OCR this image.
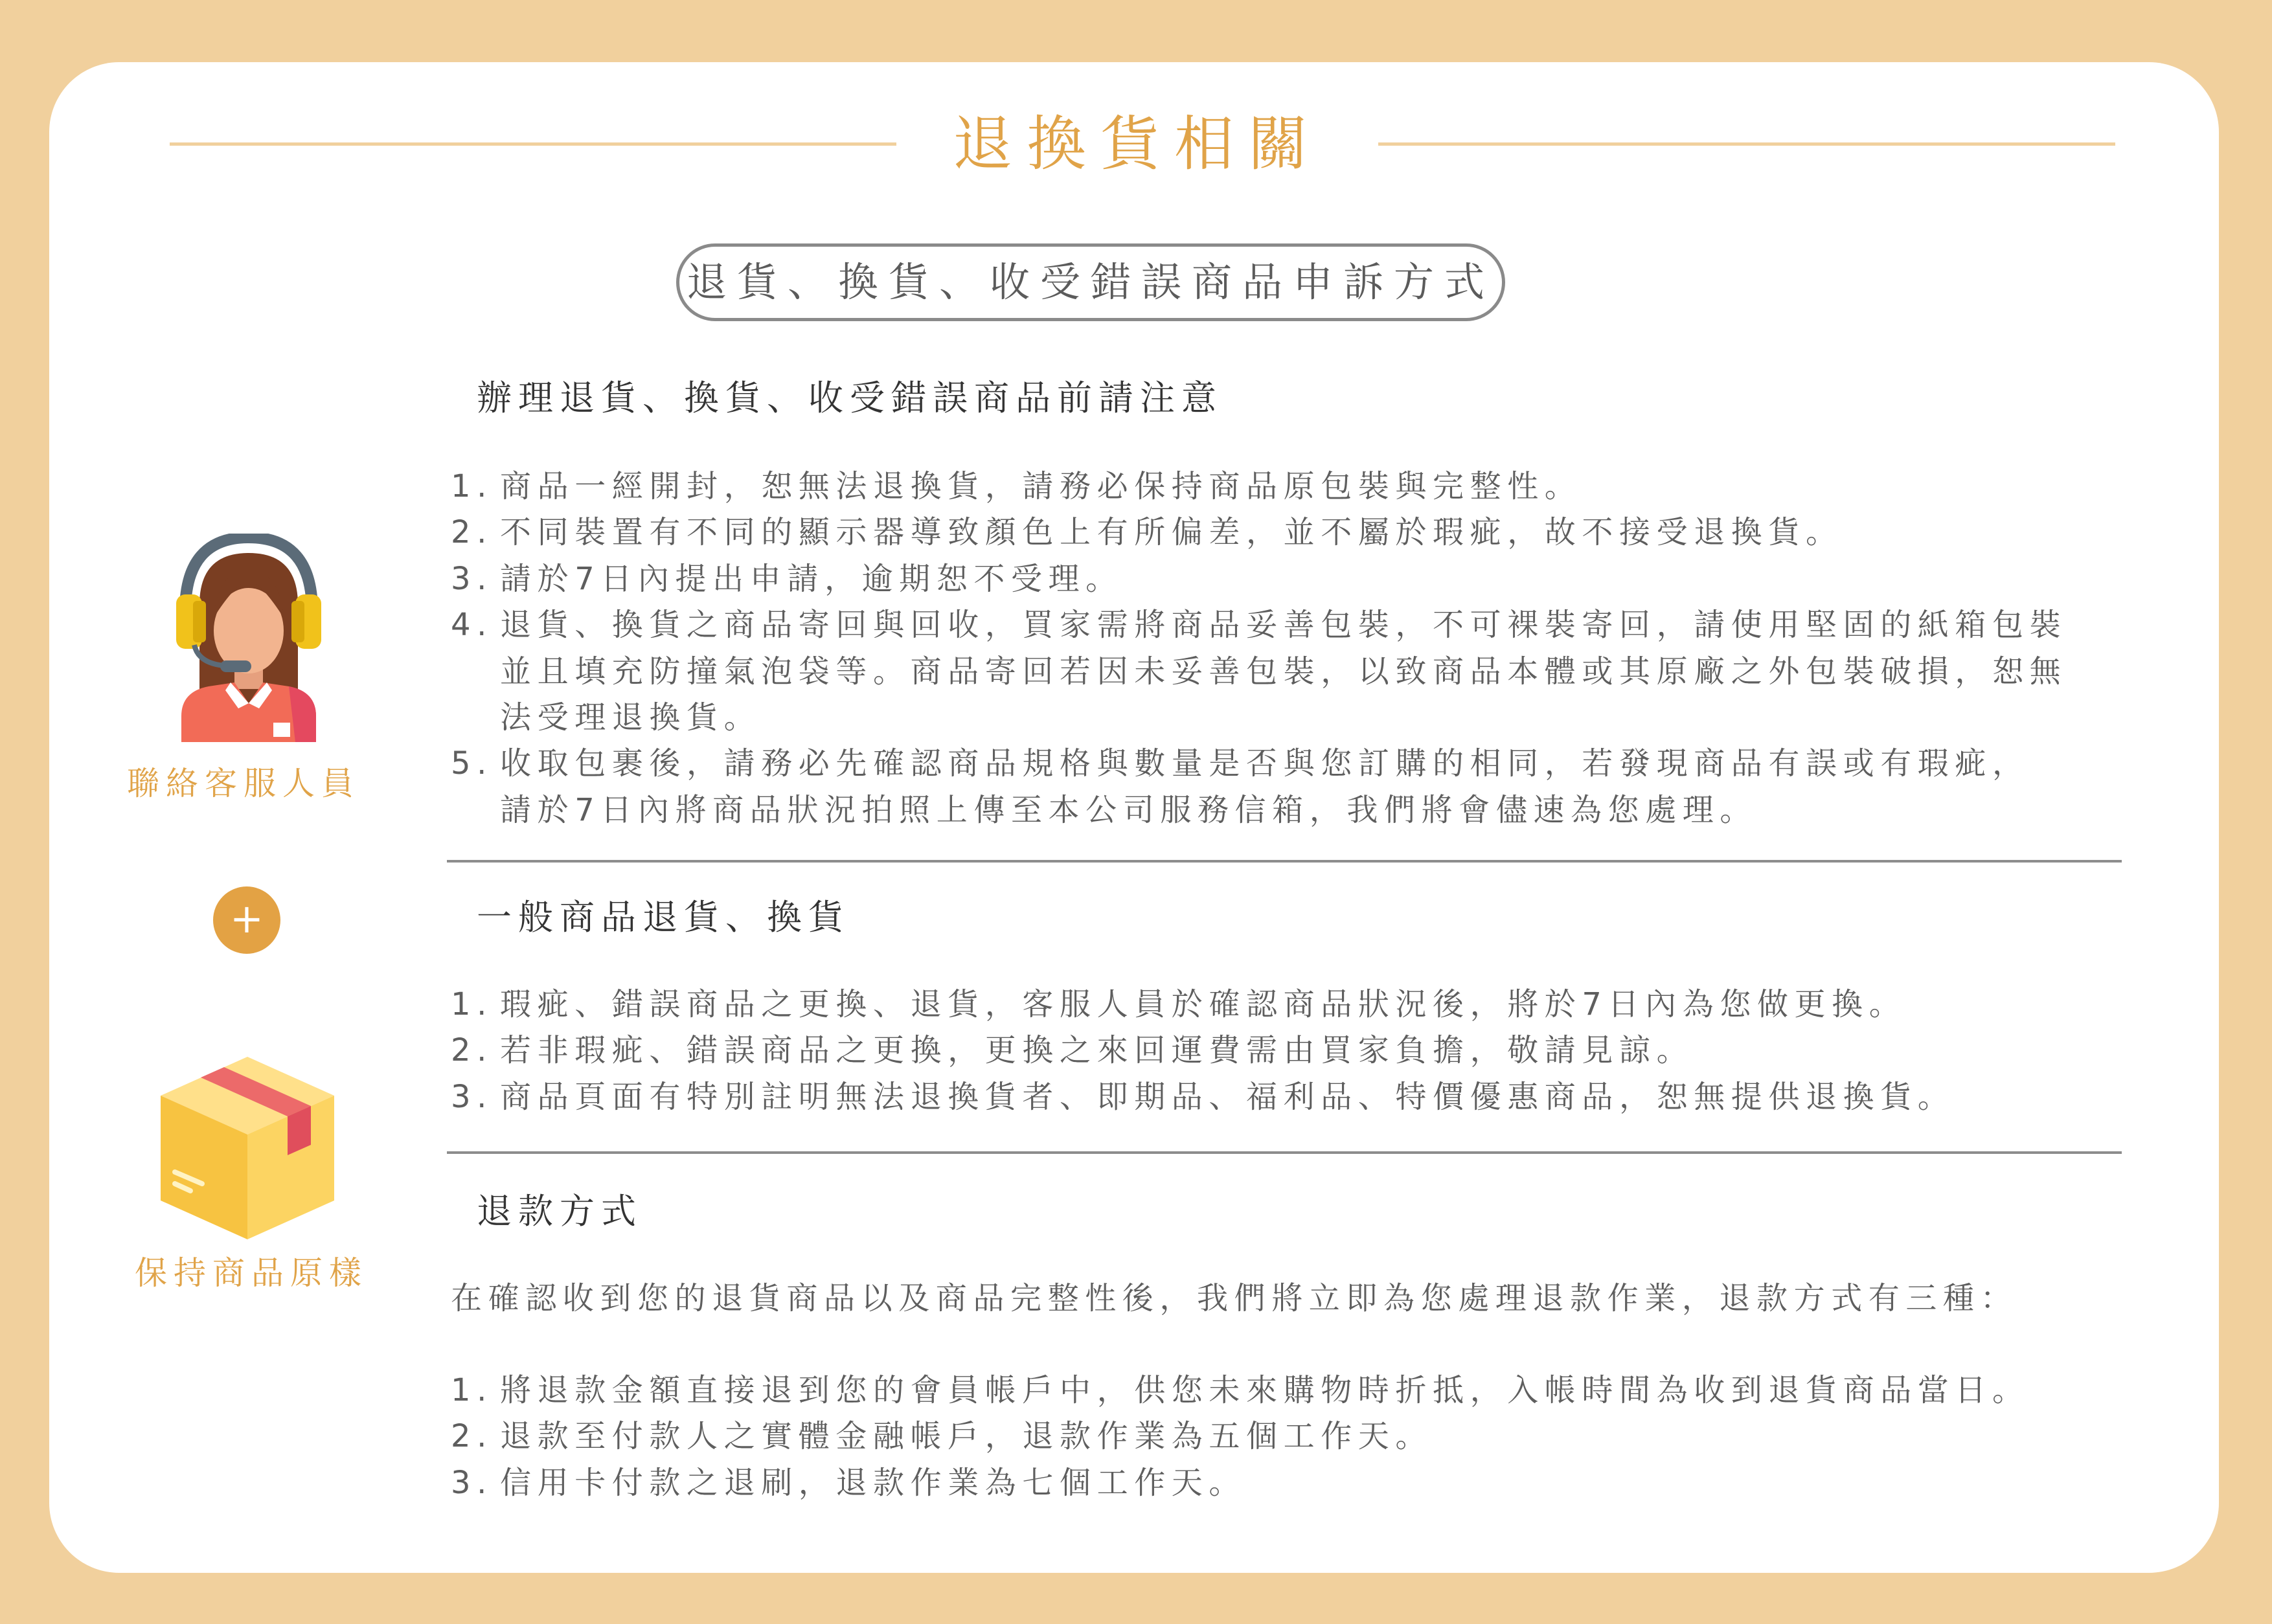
退換貨相關
退貨、換貨、收受錯誤商品申訴方式
聯絡客服人員
+
保持商品原樣
辦理退貨、換貨、收受錯誤商品前請注意
1. 商品一經開封，恕無法退換貨，請務必保持商品原包裝與完整性。
2. 不同裝置有不同的顯示器導致顏色上有所偏差，並不屬於瑕疵，故不接受退換貨。
3. 請於7日內提出申請，逾期恕不受理。
4. 退貨、換貨之商品寄回與回收，買家需將商品妥善包裝，不可裸裝寄回，請使用堅固的紙箱包裝
並且填充防撞氣泡袋等。商品寄回若因未妥善包裝，以致商品本體或其原廠之外包裝破損，恕無
法受理退換貨。
5. 收取包裹後，請務必先確認商品規格與數量是否與您訂購的相同，若發現商品有誤或有瑕疵，
請於7日內將商品狀況拍照上傳至本公司服務信箱，我們將會儘速為您處理。
一般商品退貨、換貨
1. 瑕疵、錯誤商品之更換、退貨，客服人員於確認商品狀況後，將於7日內為您做更換。
2. 若非瑕疵、錯誤商品之更換，更換之來回運費需由買家負擔，敬請見諒。
3. 商品頁面有特別註明無法退換貨者、即期品、福利品、特價優惠商品，恕無提供退換貨。
退款方式
在確認收到您的退貨商品以及商品完整性後，我們將立即為您處理退款作業，退款方式有三種：
1. 將退款金額直接退到您的會員帳戶中，供您未來購物時折抵，入帳時間為收到退貨商品當日。
2. 退款至付款人之實體金融帳戶，退款作業為五個工作天。
3. 信用卡付款之退刷，退款作業為七個工作天。
